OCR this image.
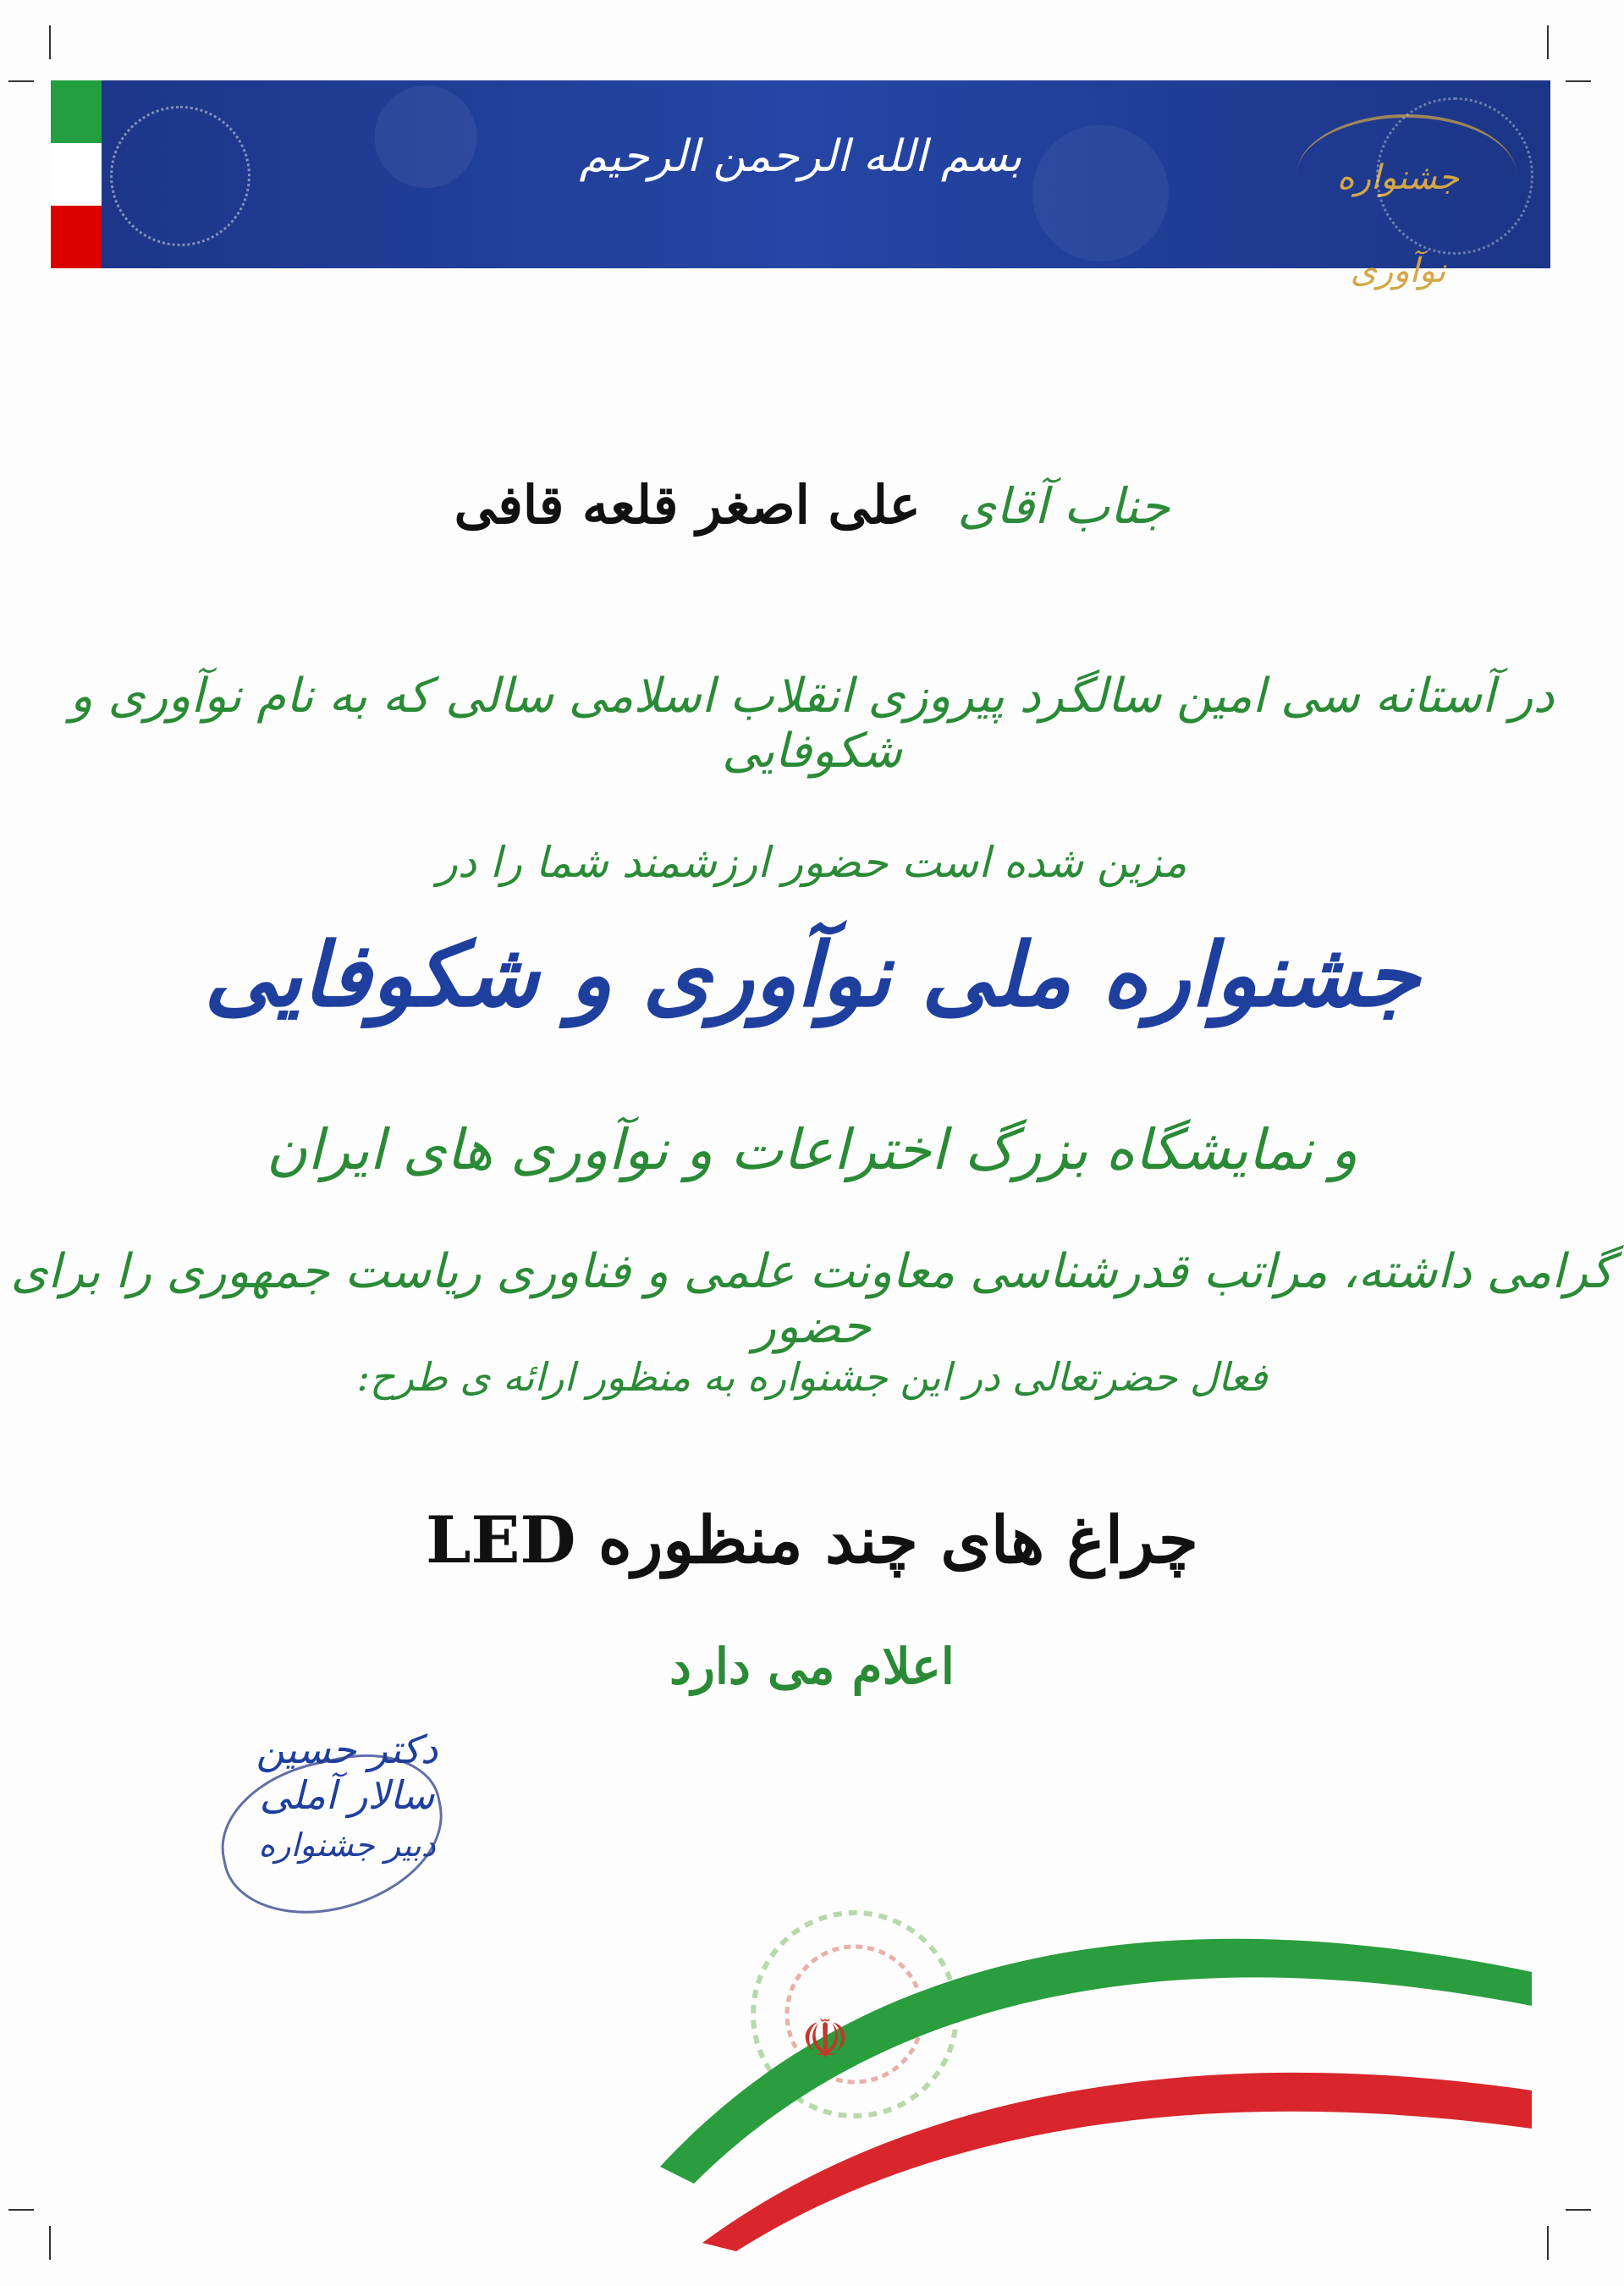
بسم الله الرحمن الرحیم	جشنواره نوآوری
جناب آقای علی اصغر قلعه قافی
در آستانه سی امین سالگرد پیروزی انقلاب اسلامی سالی که به نام نوآوری و شکوفایی
مزین شده است حضور ارزشمند شما را در
جشنواره ملی نوآوری و شکوفایی
و نمایشگاه بزرگ اختراعات و نوآوری های ایران
گرامی داشته، مراتب قدرشناسی معاونت علمی و فناوری ریاست جمهوری را برای حضور
فعال حضرتعالی در این جشنواره به منظور ارائه ی طرح:
چراغ های چند منظوره LED
اعلام می دارد
دکتر حسین سالار آملی
دبیر جشنواره
☫
